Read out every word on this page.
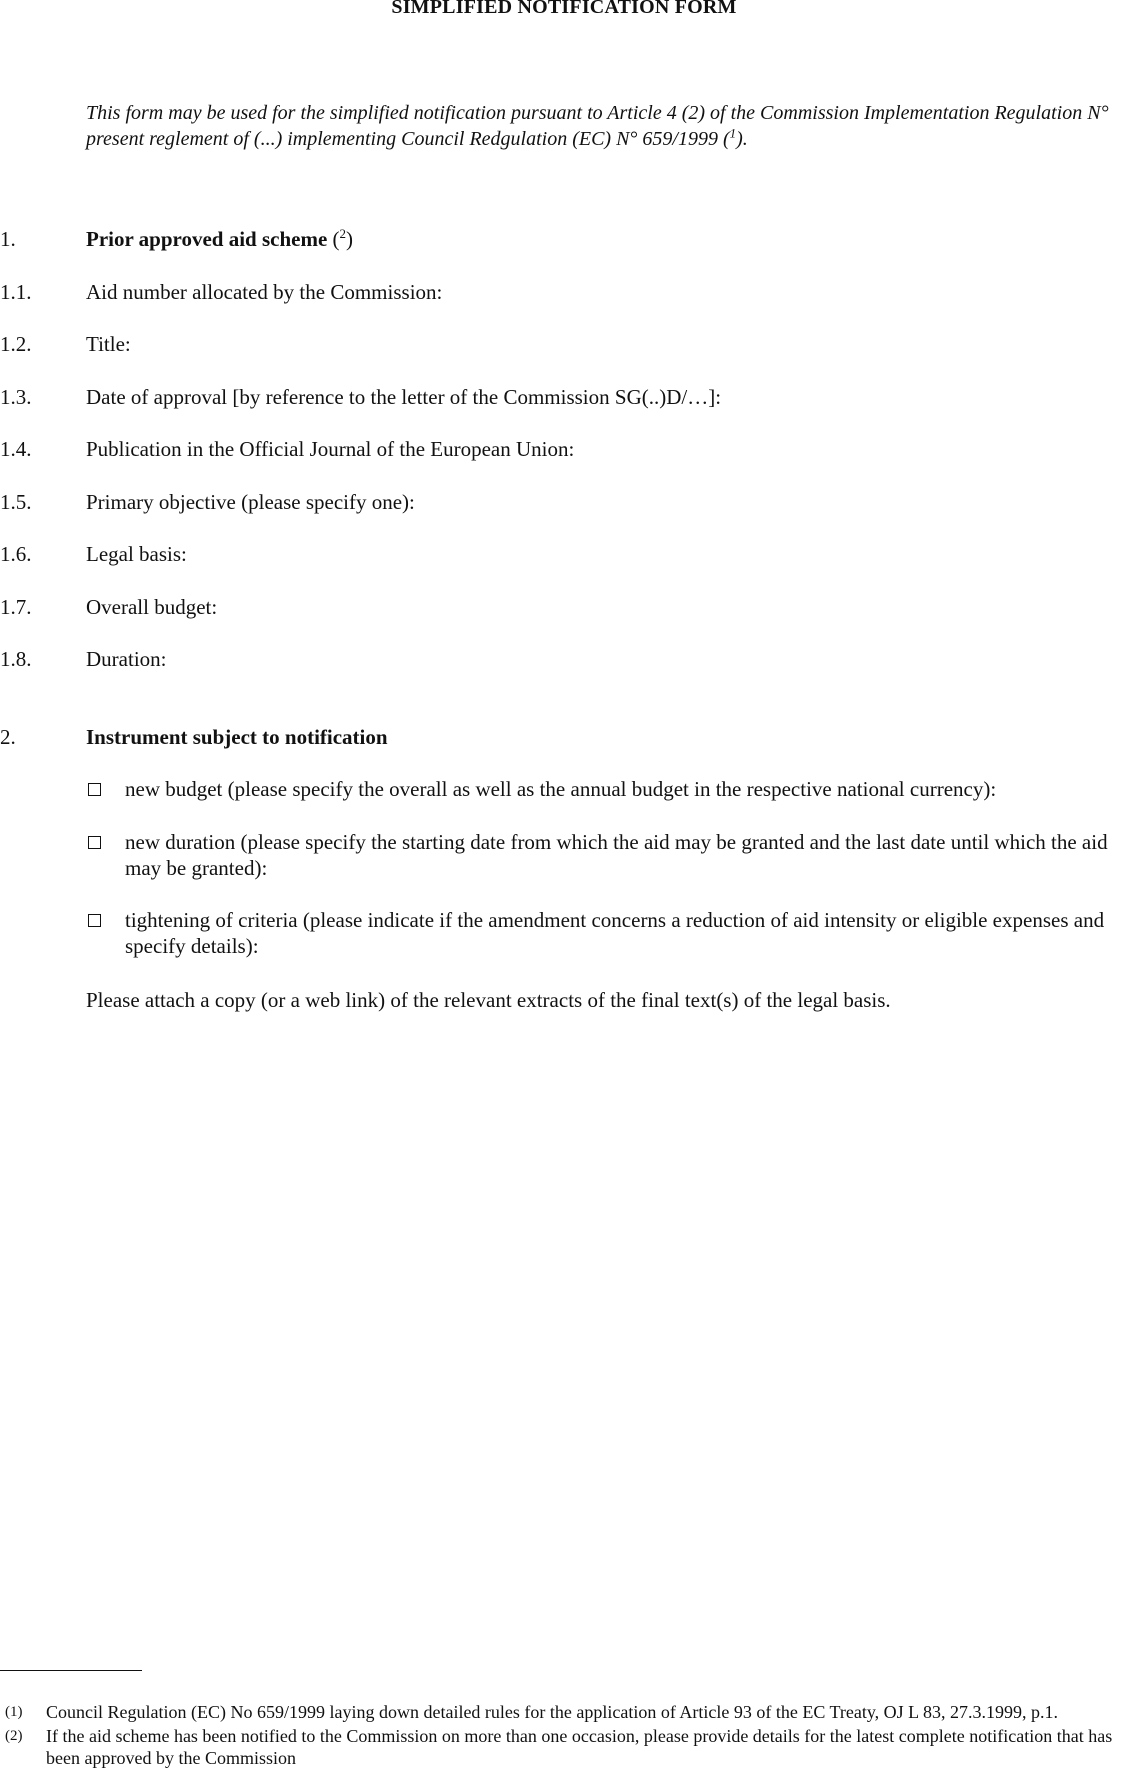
SIMPLIFIED NOTIFICATION FORM
This form may be used for the simplified notification pursuant to Article 4 (2) of the Commission Implementation Regulation N°
present reglement of (...) implementing Council Redgulation (EC) N° 659/1999 ($^1$).
1.	Prior approved aid scheme ($^2$)
1.1.	Aid number allocated by the Commission:
1.2.	Title:
1.3.	Date of approval [by reference to the letter of the Commission SG(..)D/…]:
1.4.	Publication in the Official Journal of the European Union:
1.5.	Primary objective (please specify one):
1.6.	Legal basis:
1.7.	Overall budget:
1.8.	Duration:
2.	Instrument subject to notification
new budget (please specify the overall as well as the annual budget in the respective national currency):
new duration (please specify the starting date from which the aid may be granted and the last date until which the aid may be granted):
tightening of criteria (please indicate if the amendment concerns a reduction of aid intensity or eligible expenses and specify details):
Please attach a copy (or a web link) of the relevant extracts of the final text(s) of the legal basis.
(1) Council Regulation (EC) No 659/1999 laying down detailed rules for the application of Article 93 of the EC Treaty, OJ L 83, 27.3.1999, p.1.
(2) If the aid scheme has been notified to the Commission on more than one occasion, please provide details for the latest complete notification that has been approved by the Commission
